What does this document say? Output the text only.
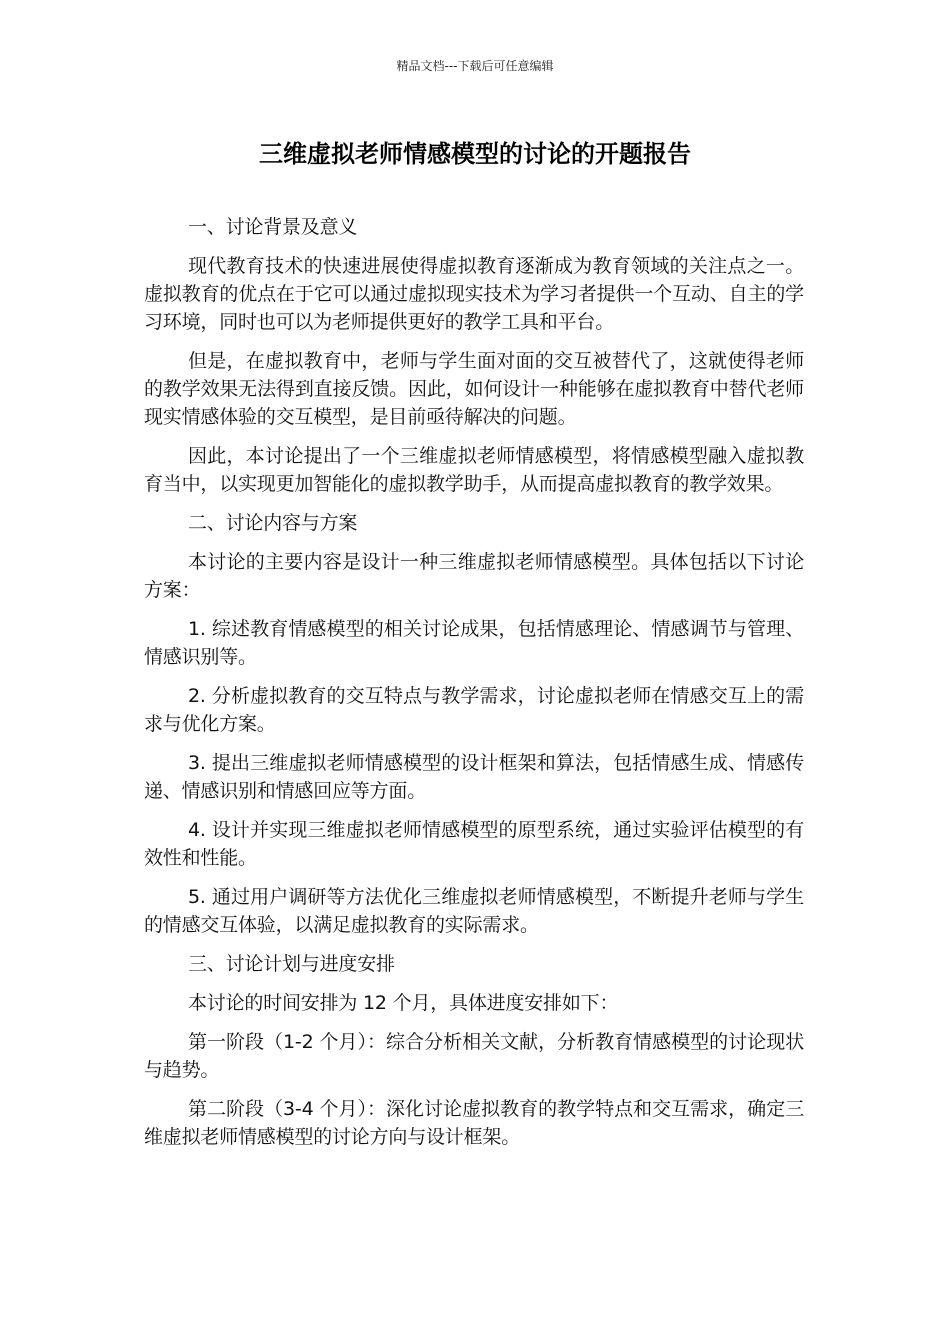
精品文档---下载后可任意编辑
三维虚拟老师情感模型的讨论的开题报告

一、讨论背景及意义

现代教育技术的快速进展使得虚拟教育逐渐成为教育领域的关注点之一。虚拟教育的优点在于它可以通过虚拟现实技术为学习者提供一个互动、自主的学习环境，同时也可以为老师提供更好的教学工具和平台。

但是，在虚拟教育中，老师与学生面对面的交互被替代了，这就使得老师的教学效果无法得到直接反馈。因此，如何设计一种能够在虚拟教育中替代老师现实情感体验的交互模型，是目前亟待解决的问题。

因此，本讨论提出了一个三维虚拟老师情感模型，将情感模型融入虚拟教育当中，以实现更加智能化的虚拟教学助手，从而提高虚拟教育的教学效果。

二、讨论内容与方案

本讨论的主要内容是设计一种三维虚拟老师情感模型。具体包括以下讨论方案：

1. 综述教育情感模型的相关讨论成果，包括情感理论、情感调节与管理、情感识别等。

2. 分析虚拟教育的交互特点与教学需求，讨论虚拟老师在情感交互上的需求与优化方案。

3. 提出三维虚拟老师情感模型的设计框架和算法，包括情感生成、情感传递、情感识别和情感回应等方面。

4. 设计并实现三维虚拟老师情感模型的原型系统，通过实验评估模型的有效性和性能。

5. 通过用户调研等方法优化三维虚拟老师情感模型，不断提升老师与学生的情感交互体验，以满足虚拟教育的实际需求。

三、讨论计划与进度安排

本讨论的时间安排为 12 个月，具体进度安排如下：

第一阶段（1-2 个月）：综合分析相关文献，分析教育情感模型的讨论现状与趋势。

第二阶段（3-4 个月）：深化讨论虚拟教育的教学特点和交互需求，确定三维虚拟老师情感模型的讨论方向与设计框架。
